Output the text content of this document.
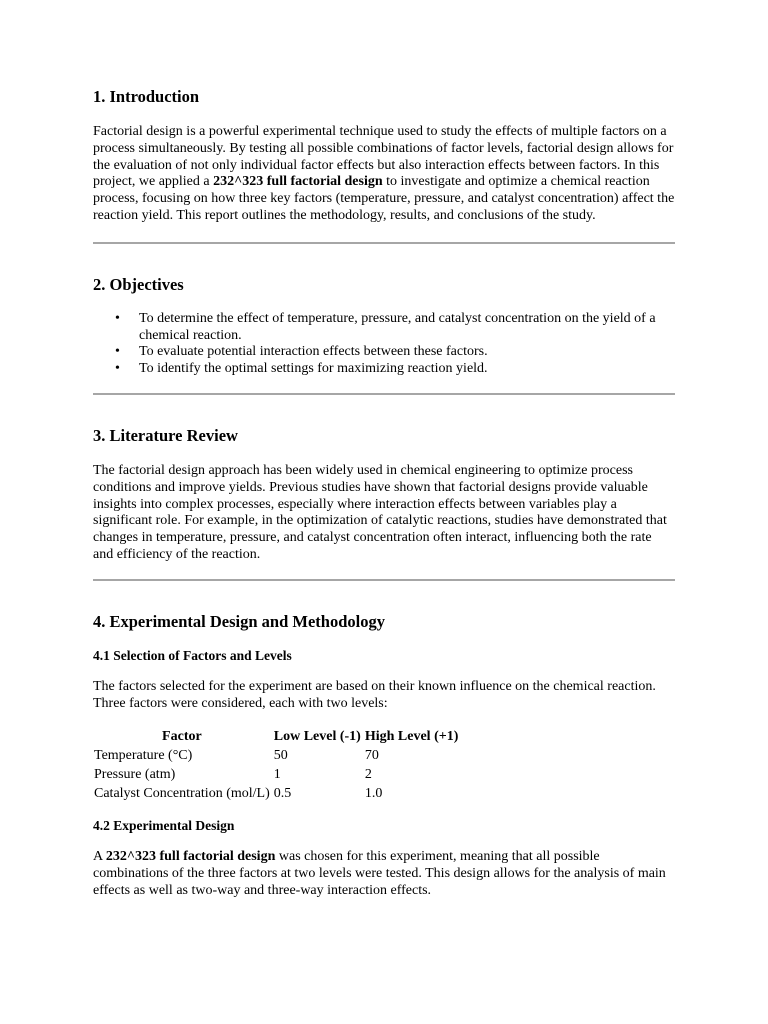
1. Introduction

Factorial design is a powerful experimental technique used to study the effects of multiple factors on a process simultaneously. By testing all possible combinations of factor levels, factorial design allows for the evaluation of not only individual factor effects but also interaction effects between factors. In this project, we applied a 232^323 full factorial design to investigate and optimize a chemical reaction process, focusing on how three key factors (temperature, pressure, and catalyst concentration) affect the reaction yield. This report outlines the methodology, results, and conclusions of the study.

2. Objectives
• To determine the effect of temperature, pressure, and catalyst concentration on the yield of a chemical reaction.
• To evaluate potential interaction effects between these factors.
• To identify the optimal settings for maximizing reaction yield.
3. Literature Review

The factorial design approach has been widely used in chemical engineering to optimize process conditions and improve yields. Previous studies have shown that factorial designs provide valuable insights into complex processes, especially where interaction effects between variables play a significant role. For example, in the optimization of catalytic reactions, studies have demonstrated that changes in temperature, pressure, and catalyst concentration often interact, influencing both the rate and efficiency of the reaction.

4. Experimental Design and Methodology
4.1 Selection of Factors and Levels

The factors selected for the experiment are based on their known influence on the chemical reaction. Three factors were considered, each with two levels:

Factor	Low Level (-1)	High Level (+1)
Temperature (°C)	50	70
Pressure (atm)	1	2
Catalyst Concentration (mol/L)	0.5	1.0
4.2 Experimental Design

A 232^323 full factorial design was chosen for this experiment, meaning that all possible combinations of the three factors at two levels were tested. This design allows for the analysis of main effects as well as two-way and three-way interaction effects.
